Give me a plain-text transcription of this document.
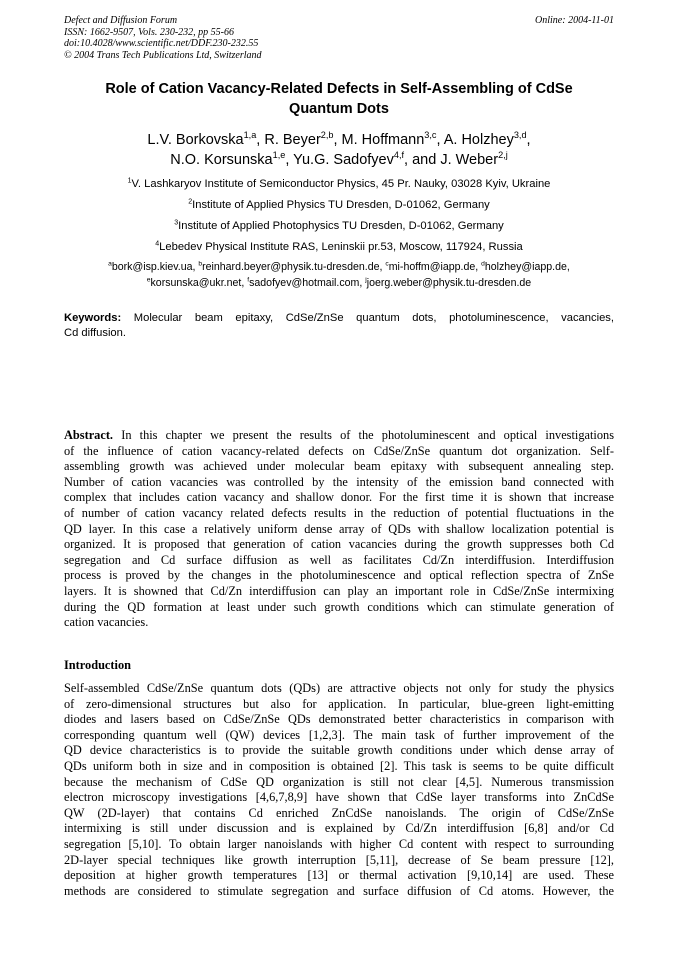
Defect and Diffusion Forum
ISSN: 1662-9507, Vols. 230-232, pp 55-66
doi:10.4028/www.scientific.net/DDF.230-232.55
© 2004 Trans Tech Publications Ltd, Switzerland
Online: 2004-11-01
Role of Cation Vacancy-Related Defects in Self-Assembling of CdSe
Quantum Dots
L.V. Borkovska$^{1,a}$, R. Beyer$^{2,b}$, M. Hoffmann$^{3,c}$, A. Holzhey$^{3,d}$,
N.O. Korsunska$^{1,e}$, Yu.G. Sadofyev$^{4,f}$, and J. Weber$^{2,j}$
$^1$V. Lashkaryov Institute of Semiconductor Physics, 45 Pr. Nauky, 03028 Kyiv, Ukraine
$^2$Institute of Applied Physics TU Dresden, D-01062, Germany
$^3$Institute of Applied Photophysics TU Dresden, D-01062, Germany
$^4$Lebedev Physical Institute RAS, Leninskii pr.53, Moscow, 117924, Russia
$^a$bork@isp.kiev.ua, $^b$reinhard.beyer@physik.tu-dresden.de, $^c$mi-hoffm@iapp.de, $^d$holzhey@iapp.de,
$^e$korsunska@ukr.net, $^f$sadofyev@hotmail.com, $^j$joerg.weber@physik.tu-dresden.de
Keywords: Molecular beam epitaxy, CdSe/ZnSe quantum dots, photoluminescence, vacancies,
Cd diffusion.
Abstract. In this chapter we present the results of the photoluminescent and optical investigations
of the influence of cation vacancy-related defects on CdSe/ZnSe quantum dot organization. Self-
assembling growth was achieved under molecular beam epitaxy with subsequent annealing step.
Number of cation vacancies was controlled by the intensity of the emission band connected with
complex that includes cation vacancy and shallow donor. For the first time it is shown that increase
of number of cation vacancy related defects results in the reduction of potential fluctuations in the
QD layer. In this case a relatively uniform dense array of QDs with shallow localization potential is
organized. It is proposed that generation of cation vacancies during the growth suppresses both Cd
segregation and Cd surface diffusion as well as facilitates Cd/Zn interdiffusion. Interdiffusion
process is proved by the changes in the photoluminescence and optical reflection spectra of ZnSe
layers. It is showned that Cd/Zn interdiffusion can play an important role in CdSe/ZnSe intermixing
during the QD formation at least under such growth conditions which can stimulate generation of
cation vacancies.
Introduction
Self-assembled CdSe/ZnSe quantum dots (QDs) are attractive objects not only for study the physics
of zero-dimensional structures but also for application. In particular, blue-green light-emitting
diodes and lasers based on CdSe/ZnSe QDs demonstrated better characteristics in comparison with
corresponding quantum well (QW) devices [1,2,3]. The main task of further improvement of the
QD device characteristics is to provide the suitable growth conditions under which dense array of
QDs uniform both in size and in composition is obtained [2]. This task is seems to be quite difficult
because the mechanism of CdSe QD organization is still not clear [4,5]. Numerous transmission
electron microscopy investigations [4,6,7,8,9] have shown that CdSe layer transforms into ZnCdSe
QW (2D-layer) that contains Cd enriched ZnCdSe nanoislands. The origin of CdSe/ZnSe
intermixing is still under discussion and is explained by Cd/Zn interdiffusion [6,8] and/or Cd
segregation [5,10]. To obtain larger nanoislands with higher Cd content with respect to surrounding
2D-layer special techniques like growth interruption [5,11], decrease of Se beam pressure [12],
deposition at higher growth temperatures [13] or thermal activation [9,10,14] are used. These
methods are considered to stimulate segregation and surface diffusion of Cd atoms. However, the
